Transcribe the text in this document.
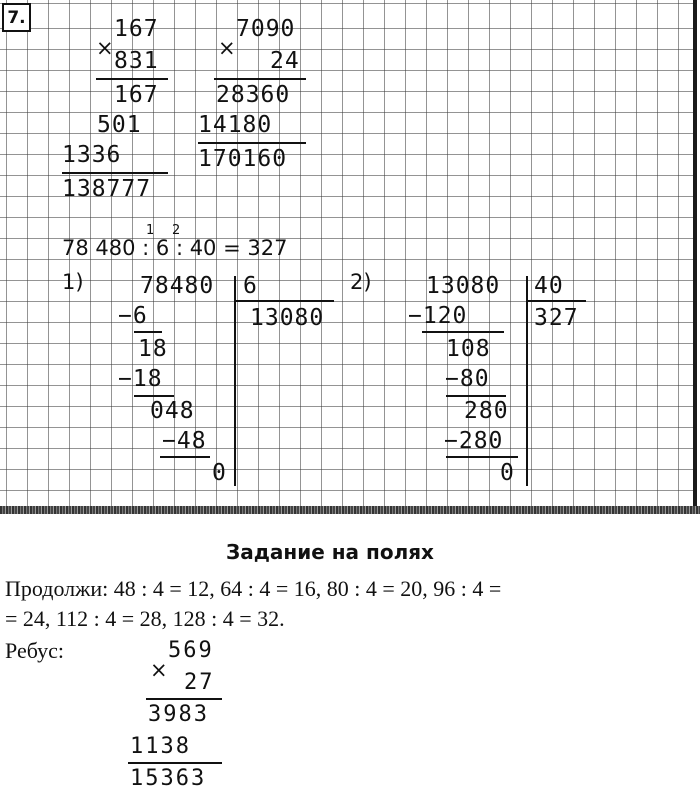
7.	167
× 831
167
501
1336
138777
7090
× 24
28360
14180
170160
1 2
78 480 : 6 : 40 = 327
1) 78480 6
13080
−6
18
−18
048
−48
0
2) 13080 40
327
−120
108
−80
280
−280
0
Задание на полях
Продолжи: 48 : 4 = 12, 64 : 4 = 16, 80 : 4 = 20, 96 : 4 =
= 24, 112 : 4 = 28, 128 : 4 = 32.
Ребус:	569
× 27
3983
1138
15363
